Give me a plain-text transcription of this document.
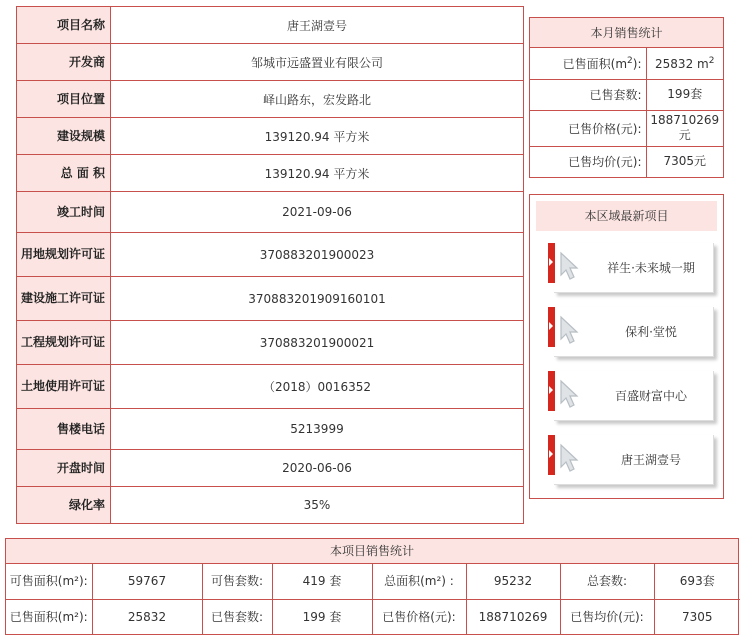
项目名称	唐王湖壹号
开发商	邹城市远盛置业有限公司
项目位置	峄山路东，宏发路北
建设规模	139120.94 平方米
总 面 积	139120.94 平方米
竣工时间	2021-09-06
用地规划许可证	370883201900023
建设施工许可证	370883201909160101
工程规划许可证	370883201900021
土地使用许可证	（2018）0016352
售楼电话	5213999
开盘时间	2020-06-06
绿化率	35%
本月销售统计
已售面积$(m^2)$:	25832 $m^2$
已售套数:	199套
已售价格(元):	188710269元
已售均价(元):	7305元
本区域最新项目
祥生·未来城一期
保利·堂悦
百盛财富中心
唐王湖壹号
本项目销售统计
可售面积(m²):	59767	可售套数:	419 套	总面积(m²) :	95232	总套数:	693套
已售面积(m²):	25832	已售套数:	199 套	已售价格(元):	188710269	已售均价(元):	7305
